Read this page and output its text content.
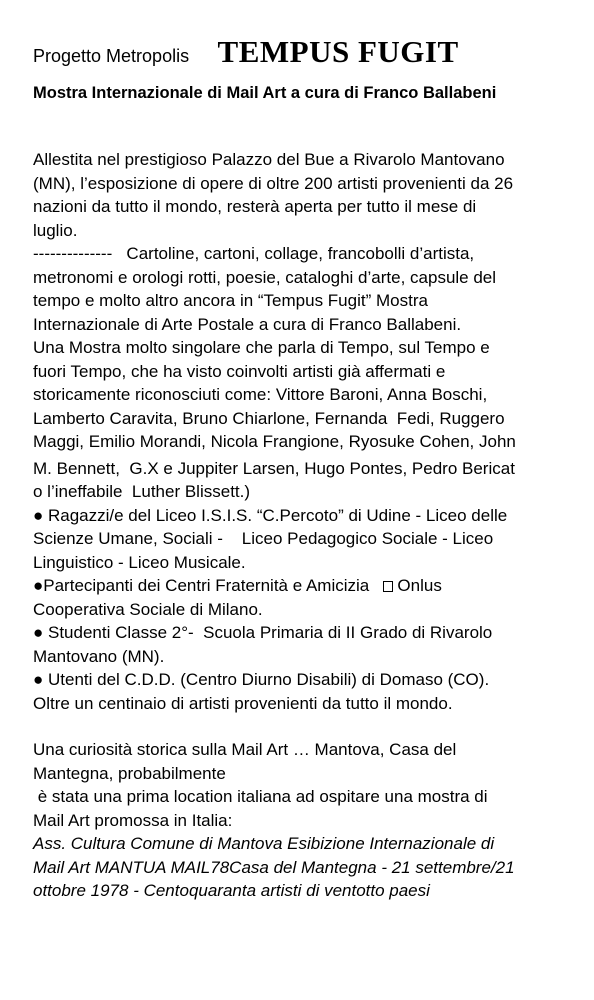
Progetto Metropolis TEMPUS FUGIT
Mostra Internazionale di Mail Art a cura di Franco Ballabeni
Allestita nel prestigioso Palazzo del Bue a Rivarolo Mantovano
(MN), l’esposizione di opere di oltre 200 artisti provenienti da 26
nazioni da tutto il mondo, resterà aperta per tutto il mese di
luglio.
--------------   Cartoline, cartoni, collage, francobolli d’artista,
metronomi e orologi rotti, poesie, cataloghi d’arte, capsule del
tempo e molto altro ancora in “Tempus Fugit” Mostra
Internazionale di Arte Postale a cura di Franco Ballabeni.
Una Mostra molto singolare che parla di Tempo, sul Tempo e
fuori Tempo, che ha visto coinvolti artisti già affermati e
storicamente riconosciuti come: Vittore Baroni, Anna Boschi,
Lamberto Caravita, Bruno Chiarlone, Fernanda  Fedi, Ruggero
Maggi, Emilio Morandi, Nicola Frangione, Ryosuke Cohen, John
M. Bennett,  G.X e Juppiter Larsen, Hugo Pontes, Pedro Bericat
o l’ineffabile  Luther Blissett.)
● Ragazzi/e del Liceo I.S.I.S. “C.Percoto” di Udine - Liceo delle
Scienze Umane, Sociali -    Liceo Pedagogico Sociale - Liceo
Linguistico - Liceo Musicale.
●Partecipanti dei Centri Fraternità e Amicizia Onlus
Cooperativa Sociale di Milano.
● Studenti Classe 2°-  Scuola Primaria di II Grado di Rivarolo
Mantovano (MN).
● Utenti del C.D.D. (Centro Diurno Disabili) di Domaso (CO).
Oltre un centinaio di artisti provenienti da tutto il mondo.
Una curiosità storica sulla Mail Art … Mantova, Casa del
Mantegna, probabilmente
è stata una prima location italiana ad ospitare una mostra di
Mail Art promossa in Italia:
Ass. Cultura Comune di Mantova Esibizione Internazionale di
Mail Art MANTUA MAIL78Casa del Mantegna - 21 settembre/21
ottobre 1978 - Centoquaranta artisti di ventotto paesi
